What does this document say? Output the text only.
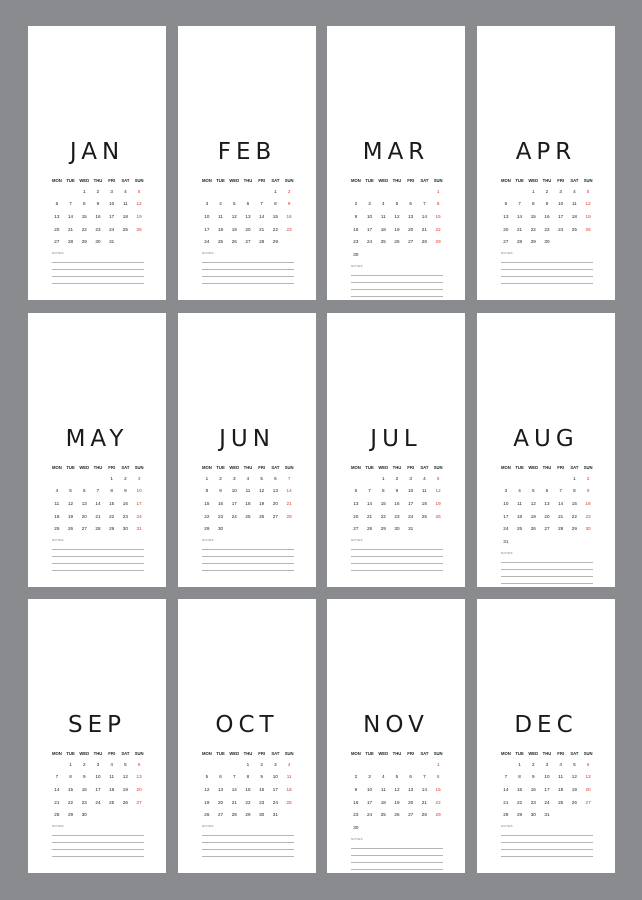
JAN
MON	TUE	WED	THU	FRI	SAT	SUN
		1	2	3	4	5
6	7	8	9	10	11	12
13	14	15	16	17	18	19
20	21	22	23	24	25	26
27	28	29	30	31		
NOTES
FEB
MON	TUE	WED	THU	FRI	SAT	SUN
					1	2
3	4	5	6	7	8	9
10	11	12	13	14	15	16
17	18	19	20	21	22	23
24	25	26	27	28	29	
NOTES
MAR
MON	TUE	WED	THU	FRI	SAT	SUN
						1
2	3	4	5	6	7	8
9	10	11	12	13	14	15
16	17	18	19	20	21	22
23	24	25	26	27	28	29
30						
NOTES
APR
MON	TUE	WED	THU	FRI	SAT	SUN
		1	2	3	4	5
6	7	8	9	10	11	12
13	14	15	16	17	18	19
20	21	22	23	24	25	26
27	28	29	30			
NOTES
MAY
MON	TUE	WED	THU	FRI	SAT	SUN
				1	2	3
4	5	6	7	8	9	10
11	12	13	14	15	16	17
18	19	20	21	22	23	24
25	26	27	28	29	30	31
NOTES
JUN
MON	TUE	WED	THU	FRI	SAT	SUN
1	2	3	4	5	6	7
8	9	10	11	12	13	14
15	16	17	18	19	20	21
22	23	24	25	26	27	28
29	30					
NOTES
JUL
MON	TUE	WED	THU	FRI	SAT	SUN
		1	2	3	4	5
6	7	8	9	10	11	12
13	14	15	16	17	18	19
20	21	22	23	24	25	26
27	28	29	30	31		
NOTES
AUG
MON	TUE	WED	THU	FRI	SAT	SUN
					1	2
3	4	5	6	7	8	9
10	11	12	13	14	15	16
17	18	19	20	21	22	23
24	25	26	27	28	29	30
31						
NOTES
SEP
MON	TUE	WED	THU	FRI	SAT	SUN
	1	2	3	4	5	6
7	8	9	10	11	12	13
14	15	16	17	18	19	20
21	22	23	24	25	26	27
28	29	30				
NOTES
OCT
MON	TUE	WED	THU	FRI	SAT	SUN
			1	2	3	4
5	6	7	8	9	10	11
12	13	14	15	16	17	18
19	20	21	22	23	24	25
26	27	28	29	30	31	
NOTES
NOV
MON	TUE	WED	THU	FRI	SAT	SUN
						1
2	3	4	5	6	7	8
9	10	11	12	13	14	15
16	17	18	19	20	21	22
23	24	25	26	27	28	29
30						
NOTES
DEC
MON	TUE	WED	THU	FRI	SAT	SUN
	1	2	3	4	5	6
7	8	9	10	11	12	13
14	15	16	17	18	19	20
21	22	23	24	25	26	27
28	29	30	31			
NOTES
